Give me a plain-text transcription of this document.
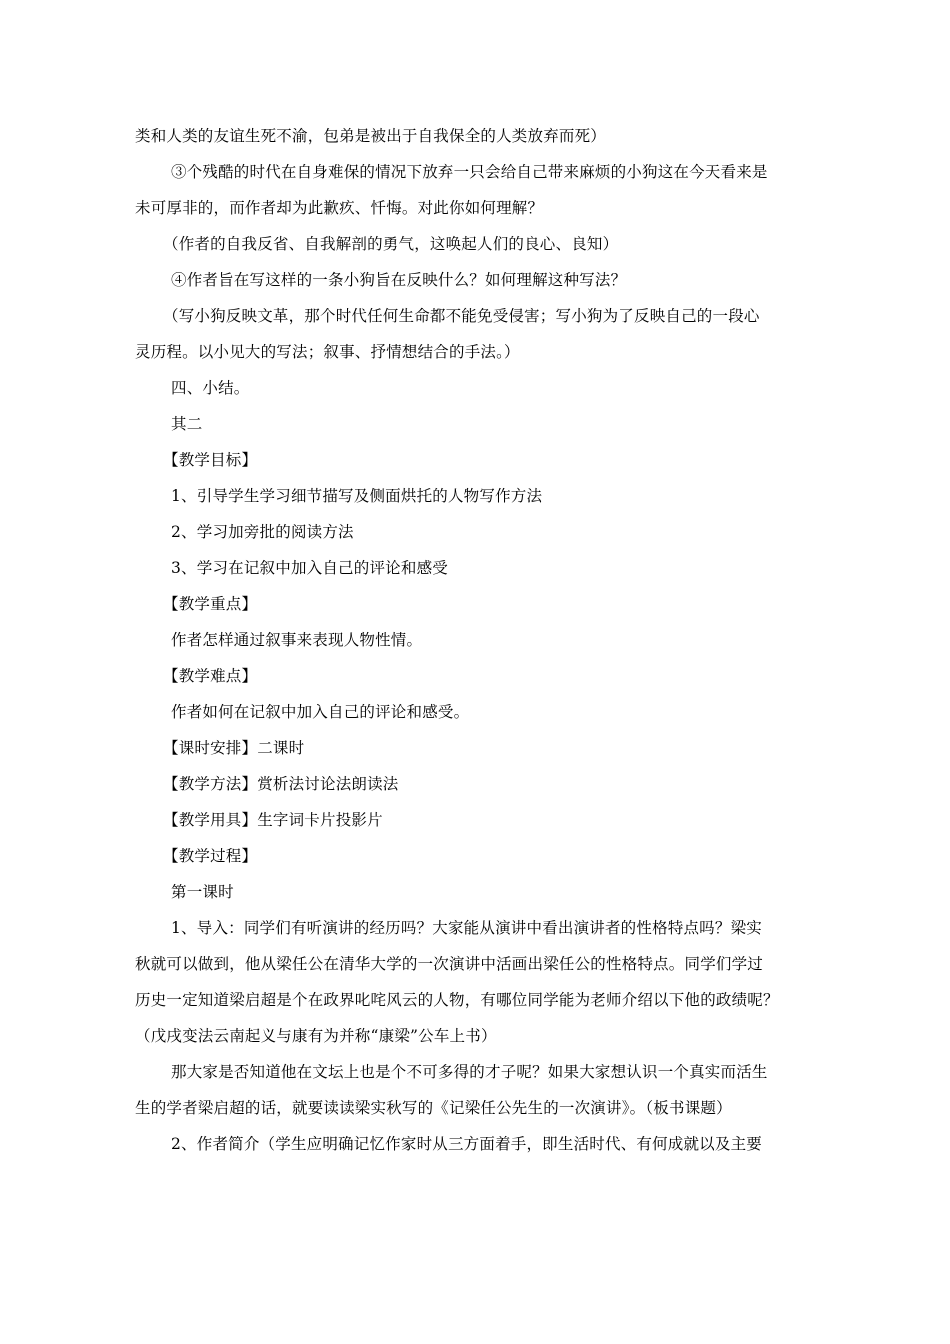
类和人类的友谊生死不渝，包弟是被出于自我保全的人类放弃而死）
③个残酷的时代在自身难保的情况下放弃一只会给自己带来麻烦的小狗这在今天看来是
未可厚非的，而作者却为此歉疚、忏悔。对此你如何理解？
（作者的自我反省、自我解剖的勇气，这唤起人们的良心、良知）
④作者旨在写这样的一条小狗旨在反映什么？如何理解这种写法？
（写小狗反映文革，那个时代任何生命都不能免受侵害；写小狗为了反映自己的一段心
灵历程。以小见大的写法；叙事、抒情想结合的手法。）
四、小结。
其二
【教学目标】
1、引导学生学习细节描写及侧面烘托的人物写作方法
2、学习加旁批的阅读方法
3、学习在记叙中加入自己的评论和感受
【教学重点】
作者怎样通过叙事来表现人物性情。
【教学难点】
作者如何在记叙中加入自己的评论和感受。
【课时安排】二课时
【教学方法】赏析法讨论法朗读法
【教学用具】生字词卡片投影片
【教学过程】
第一课时
1、导入：同学们有听演讲的经历吗？大家能从演讲中看出演讲者的性格特点吗？梁实
秋就可以做到，他从梁任公在清华大学的一次演讲中活画出梁任公的性格特点。同学们学过
历史一定知道梁启超是个在政界叱咤风云的人物，有哪位同学能为老师介绍以下他的政绩呢？
（戊戌变法云南起义与康有为并称“康梁”公车上书）
那大家是否知道他在文坛上也是个不可多得的才子呢？如果大家想认识一个真实而活生
生的学者梁启超的话，就要读读梁实秋写的《记梁任公先生的一次演讲》。（板书课题）
2、作者简介（学生应明确记忆作家时从三方面着手，即生活时代、有何成就以及主要
